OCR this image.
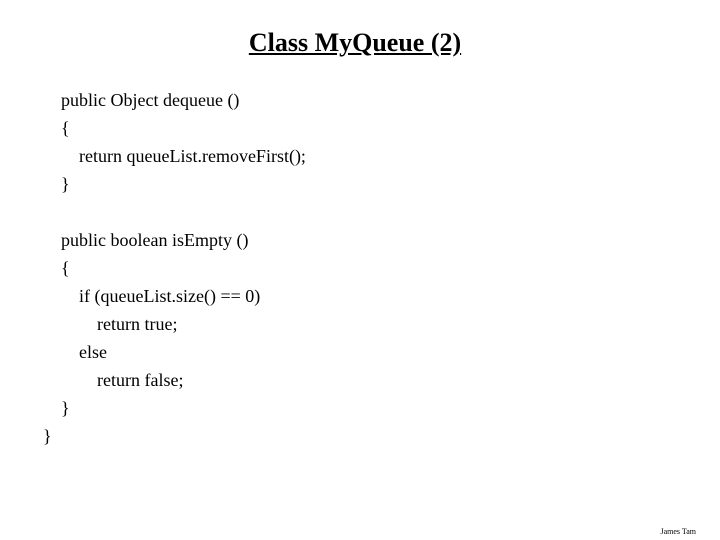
Class MyQueue (2)
public Object dequeue ()
{
return queueList.removeFirst();
}
public boolean isEmpty ()
{
if (queueList.size() == 0)
return true;
else
return false;
}
}
James Tam
